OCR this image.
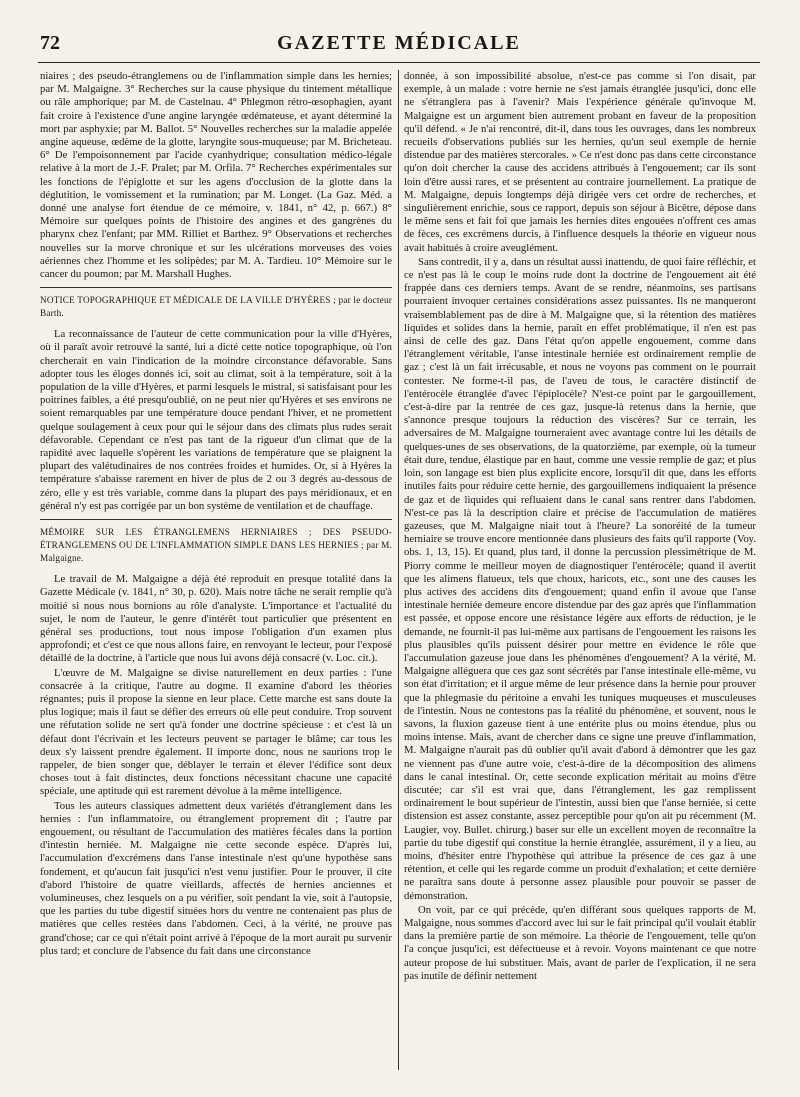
72	GAZETTE MÉDICALE

niaires ; des pseudo-étranglemens ou de l'inflammation simple dans les hernies; par M. Malgaigne. 3° Recherches sur la cause physique du tintement métallique ou râle amphorique; par M. de Castelnau. 4° Phlegmon rétro-œsophagien, ayant fait croire à l'existence d'une angine laryngée œdémateuse, et ayant déterminé la mort par asphyxie; par M. Ballot. 5° Nouvelles recherches sur la maladie appelée angine aqueuse, œdème de la glotte, laryngite sous-muqueuse; par M. Bricheteau. 6° De l'empoisonnement par l'acide cyanhydrique; consultation médico-légale relative à la mort de J.-F. Pralet; par M. Orfila. 7° Recherches expérimentales sur les fonctions de l'épiglotte et sur les agens d'occlusion de la glotte dans la déglutition, le vomissement et la rumination; par M. Longet. (La Gaz. Méd. a donné une analyse fort étendue de ce mémoire, v. 1841, n° 42, p. 667.) 8° Mémoire sur quelques points de l'histoire des angines et des gangrènes du pharynx chez l'enfant; par MM. Rilliet et Barthez. 9° Observations et recherches nouvelles sur la morve chronique et sur les ulcérations morveuses des voies aériennes chez l'homme et les solipèdes; par M. A. Tardieu. 10° Mémoire sur le cancer du poumon; par M. Marshall Hughes.

NOTICE TOPOGRAPHIQUE ET MÉDICALE DE LA VILLE D'HYÈRES ; par le docteur Barth.

La reconnaissance de l'auteur de cette communication pour la ville d'Hyères, où il paraît avoir retrouvé la santé, lui a dicté cette notice topographique, où l'on chercherait en vain l'indication de la moindre circonstance défavorable. Sans adopter tous les éloges donnés ici, soit au climat, soit à la température, soit à la population de la ville d'Hyères, et parmi lesquels le mistral, si satisfaisant pour les poitrines faibles, a été presqu'oublié, on ne peut nier qu'Hyères et ses environs ne soient remarquables par une température douce pendant l'hiver, et ne promettent quelque soulagement à ceux pour qui le séjour dans des climats plus rudes serait défavorable. Cependant ce n'est pas tant de la rigueur d'un climat que de la rapidité avec laquelle s'opèrent les variations de température que se plaignent la plupart des valétudinaires de nos contrées froides et humides. Or, si à Hyères la température s'abaisse rarement en hiver de plus de 2 ou 3 degrés au-dessous de zéro, elle y est très variable, comme dans la plupart des pays méridionaux, et en général n'y est pas corrigée par un bon système de ventilation et de chauffage.

MÉMOIRE SUR LES ÉTRANGLEMENS HERNIAIRES ; DES PSEUDO-ÉTRANGLEMENS OU DE L'INFLAMMATION SIMPLE DANS LES HERNIES ; par M. Malgaigne.

Le travail de M. Malgaigne a déjà été reproduit en presque totalité dans la Gazette Médicale (v. 1841, n° 30, p. 620). Mais notre tâche ne serait remplie qu'à moitié si nous nous bornions au rôle d'analyste. L'importance et l'actualité du sujet, le nom de l'auteur, le genre d'intérêt tout particulier que présentent en général ses productions, tout nous impose l'obligation d'un examen plus approfondi; et c'est ce que nous allons faire, en renvoyant le lecteur, pour l'exposé détaillé de la doctrine, à l'article que nous lui avons déjà consacré (v. Loc. cit.).

L'œuvre de M. Malgaigne se divise naturellement en deux parties : l'une consacrée à la critique, l'autre au dogme. Il examine d'abord les théories régnantes; puis il propose la sienne en leur place. Cette marche est sans doute la plus logique; mais il faut se défier des erreurs où elle peut conduire. Trop souvent une réfutation solide ne sert qu'à fonder une doctrine spécieuse : et c'est là un défaut dont l'écrivain et les lecteurs peuvent se partager le blâme; car tous les deux s'y laissent prendre également. Il importe donc, nous ne saurions trop le rappeler, de bien songer que, déblayer le terrain et élever l'édifice sont deux choses tout à fait distinctes, deux fonctions nécessitant chacune une capacité spéciale, une aptitude qui est rarement dévolue à la même intelligence.

Tous les auteurs classiques admettent deux variétés d'étranglement dans les hernies : l'un inflammatoire, ou étranglement proprement dit ; l'autre par engouement, ou résultant de l'accumulation des matières fécales dans la portion d'intestin herniée. M. Malgaigne nie cette seconde espèce. D'après lui, l'accumulation d'excrémens dans l'anse intestinale n'est qu'une hypothèse sans fondement, et qu'aucun fait jusqu'ici n'est venu justifier. Pour le prouver, il cite d'abord l'histoire de quatre vieillards, affectés de hernies anciennes et volumineuses, chez lesquels on a pu vérifier, soit pendant la vie, soit à l'autopsie, que les parties du tube digestif situées hors du ventre ne contenaient pas plus de matières que celles restées dans l'abdomen. Ceci, à la vérité, ne prouve pas grand'chose; car ce qui n'était point arrivé à l'époque de la mort aurait pu survenir plus tard; et conclure de l'absence du fait dans une circonstance

donnée, à son impossibilité absolue, n'est-ce pas comme si l'on disait, par exemple, à un malade : votre hernie ne s'est jamais étranglée jusqu'ici, donc elle ne s'étranglera pas à l'avenir? Mais l'expérience générale qu'invoque M. Malgaigne est un argument bien autrement probant en faveur de la proposition qu'il défend. « Je n'ai rencontré, dit-il, dans tous les ouvrages, dans les nombreux recueils d'observations publiés sur les hernies, qu'un seul exemple de hernie distendue par des matières stercorales. » Ce n'est donc pas dans cette circonstance qu'on doit chercher la cause des accidens attribués à l'engouement; car ils sont loin d'être aussi rares, et se présentent au contraire journellement. La pratique de M. Malgaigne, depuis longtemps déjà dirigée vers cet ordre de recherches, et singulièrement enrichie, sous ce rapport, depuis son séjour à Bicêtre, dépose dans le même sens et fait foi que jamais les hernies dites engouées n'offrent ces amas de fèces, ces excrémens durcis, à l'influence desquels la théorie en vigueur nous avait habitués à croire aveuglément.

Sans contredit, il y a, dans un résultat aussi inattendu, de quoi faire réfléchir, et ce n'est pas là le coup le moins rude dont la doctrine de l'engouement ait été frappée dans ces derniers temps. Avant de se rendre, néanmoins, ses partisans pourraient invoquer certaines considérations assez puissantes. Ils ne manqueront vraisemblablement pas de dire à M. Malgaigne que, si la rétention des matières liquides et solides dans la hernie, paraît en effet problématique, il n'en est pas ainsi de celle des gaz. Dans l'état qu'on appelle engouement, comme dans l'étranglement véritable, l'anse intestinale herniée est ordinairement remplie de gaz ; c'est là un fait irrécusable, et nous ne voyons pas comment on le pourrait contester. Ne forme-t-il pas, de l'aveu de tous, le caractère distinctif de l'entérocèle étranglée d'avec l'épiplocèle? N'est-ce point par le gargouillement, c'est-à-dire par la rentrée de ces gaz, jusque-là retenus dans la hernie, que s'annonce presque toujours la réduction des viscères? Sur ce terrain, les adversaires de M. Malgaigne tourneraient avec avantage contre lui les détails de quelques-unes de ses observations, de la quatorzième, par exemple, où la tumeur était dure, tendue, élastique par en haut, comme une vessie remplie de gaz; et plus loin, son langage est bien plus explicite encore, lorsqu'il dit que, dans les efforts inutiles faits pour réduire cette hernie, des gargouillemens indiquaient la présence de gaz et de liquides qui refluaient dans le canal sans rentrer dans l'abdomen. N'est-ce pas là la description claire et précise de l'accumulation de matières gazeuses, que M. Malgaigne niait tout à l'heure? La sonoréité de la tumeur herniaire se trouve encore mentionnée dans plusieurs des faits qu'il rapporte (Voy. obs. 1, 13, 15). Et quand, plus tard, il donne la percussion plessimétrique de M. Piorry comme le meilleur moyen de diagnostiquer l'entérocèle; quand il avertit que les alimens flatueux, tels que choux, haricots, etc., sont une des causes les plus actives des accidens dits d'engouement; quand enfin il avoue que l'anse intestinale herniée demeure encore distendue par des gaz après que l'inflammation est passée, et oppose encore une résistance légère aux efforts de réduction, je le demande, ne fournit-il pas lui-même aux partisans de l'engouement les raisons les plus plausibles qu'ils puissent désirer pour mettre en évidence le rôle que l'accumulation gazeuse joue dans les phénomènes d'engouement? A la vérité, M. Malgaigne alléguera que ces gaz sont sécrétés par l'anse intestinale elle-même, vu son état d'irritation; et il argue même de leur présence dans la hernie pour prouver que la phlegmasie du péritoine a envahi les tuniques muqueuses et musculeuses de l'intestin. Nous ne contestons pas la réalité du phénomène, et souvent, nous le savons, la fluxion gazeuse tient à une entérite plus ou moins étendue, plus ou moins intense. Mais, avant de chercher dans ce signe une preuve d'inflammation, M. Malgaigne n'aurait pas dû oublier qu'il avait d'abord à démontrer que les gaz ne viennent pas d'une autre voie, c'est-à-dire de la décomposition des alimens dans le canal intestinal. Or, cette seconde explication méritait au moins d'être discutée; car s'il est vrai que, dans l'étranglement, les gaz remplissent ordinairement le bout supérieur de l'intestin, aussi bien que l'anse herniée, si cette distension est assez constante, assez perceptible pour qu'on ait pu récemment (M. Laugier, voy. Bullet. chirurg.) baser sur elle un excellent moyen de reconnaître la partie du tube digestif qui constitue la hernie étranglée, assurément, il y a lieu, au moins, d'hésiter entre l'hypothèse qui attribue la présence de ces gaz à une rétention, et celle qui les regarde comme un produit d'exhalation; et cette dernière ne paraîtra sans doute à personne assez plausible pour pouvoir se passer de démonstration.

On voit, par ce qui précède, qu'en différant sous quelques rapports de M. Malgaigne, nous sommes d'accord avec lui sur le fait principal qu'il voulait établir dans la première partie de son mémoire. La théorie de l'engouement, telle qu'on l'a conçue jusqu'ici, est défectueuse et à revoir. Voyons maintenant ce que notre auteur propose de lui substituer. Mais, avant de parler de l'explication, il ne sera pas inutile de définir nettement
